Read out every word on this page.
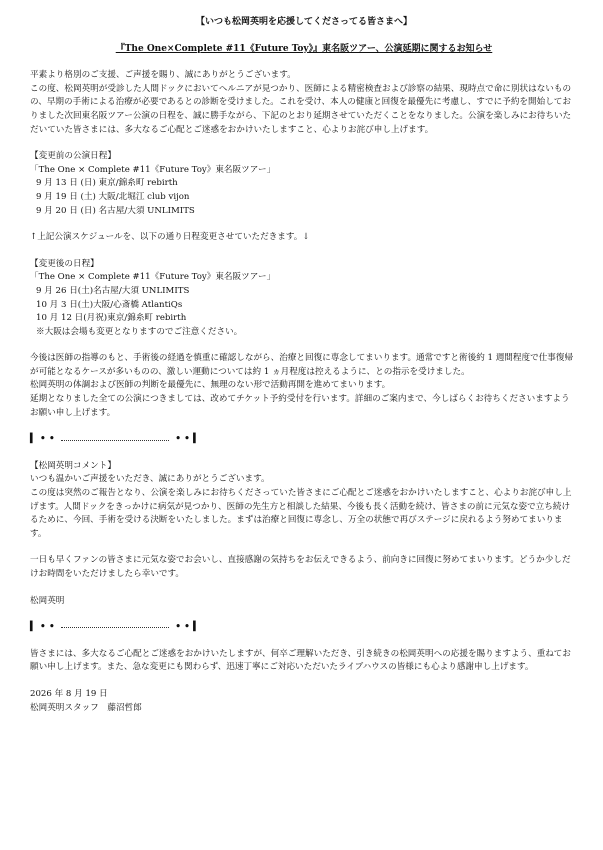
【いつも松岡英明を応援してくださってる皆さまへ】
『The One×Complete #11《Future Toy》』東名阪ツアー、公演延期に関するお知らせ

平素より格別のご支援、ご声援を賜り、誠にありがとうございます。

この度、松岡英明が受診した人間ドックにおいてヘルニアが見つかり、医師による精密検査および診察の結果、現時点で命に別状はないものの、早期の手術による治療が必要であるとの診断を受けました。これを受け、本人の健康と回復を最優先に考慮し、すでに予約を開始しておりました次回東名阪ツアー公演の日程を、誠に勝手ながら、下記のとおり延期させていただくことをなりました。公演を楽しみにお待ちいただいていた皆さまには、多大なるご心配とご迷惑をおかけいたしますこと、心よりお詫び申し上げます。

【変更前の公演日程】

「The One × Complete #11《Future Toy》東名阪ツアー」

9 月 13 日 (日) 東京/錦糸町 rebirth

9 月 19 日 (土) 大阪/北堀江 club vijon

9 月 20 日 (日) 名古屋/大須 UNLIMITS

↑上記公演スケジュールを、以下の通り日程変更させていただきます。↓

【変更後の日程】

「The One × Complete #11《Future Toy》東名阪ツアー」

9 月 26 日(土)名古屋/大須 UNLIMITS

10 月 3 日(土)大阪/心斎橋 AtlantiQs

10 月 12 日(月祝)東京/錦糸町 rebirth

※大阪は会場も変更となりますのでご注意ください。

今後は医師の指導のもと、手術後の経過を慎重に確認しながら、治療と回復に専念してまいります。通常ですと術後約 1 週間程度で仕事復帰が可能となるケースが多いものの、激しい運動については約 1 ヵ月程度は控えるように、との指示を受けました。

松岡英明の体調および医師の判断を最優先に、無理のない形で活動再開を進めてまいります。

延期となりました全ての公演につきましては、改めてチケット予約受付を行います。詳細のご案内まで、今しばらくお待ちくださいますようお願い申し上げます。

▍ • •	• • ▍

【松岡英明コメント】

いつも温かいご声援をいただき、誠にありがとうございます。

この度は突然のご報告となり、公演を楽しみにお待ちくださっていた皆さまにご心配とご迷惑をおかけいたしますこと、心よりお詫び申し上げます。人間ドックをきっかけに病気が見つかり、医師の先生方と相談した結果、今後も長く活動を続け、皆さまの前に元気な姿で立ち続けるために、今回、手術を受ける決断をいたしました。まずは治療と回復に専念し、万全の状態で再びステージに戻れるよう努めてまいります。

一日も早くファンの皆さまに元気な姿でお会いし、直接感謝の気持ちをお伝えできるよう、前向きに回復に努めてまいります。どうか少しだけお時間をいただけましたら幸いです。

松岡英明

▍ • •	• • ▍

皆さまには、多大なるご心配とご迷惑をおかけいたしますが、何卒ご理解いただき、引き続きの松岡英明への応援を賜りますよう、重ねてお願い申し上げます。また、急な変更にも関わらず、迅速丁寧にご対応いただいたライブハウスの皆様にも心より感謝申し上げます。

2026 年 8 月 19 日

松岡英明スタッフ　藤沼哲郎
